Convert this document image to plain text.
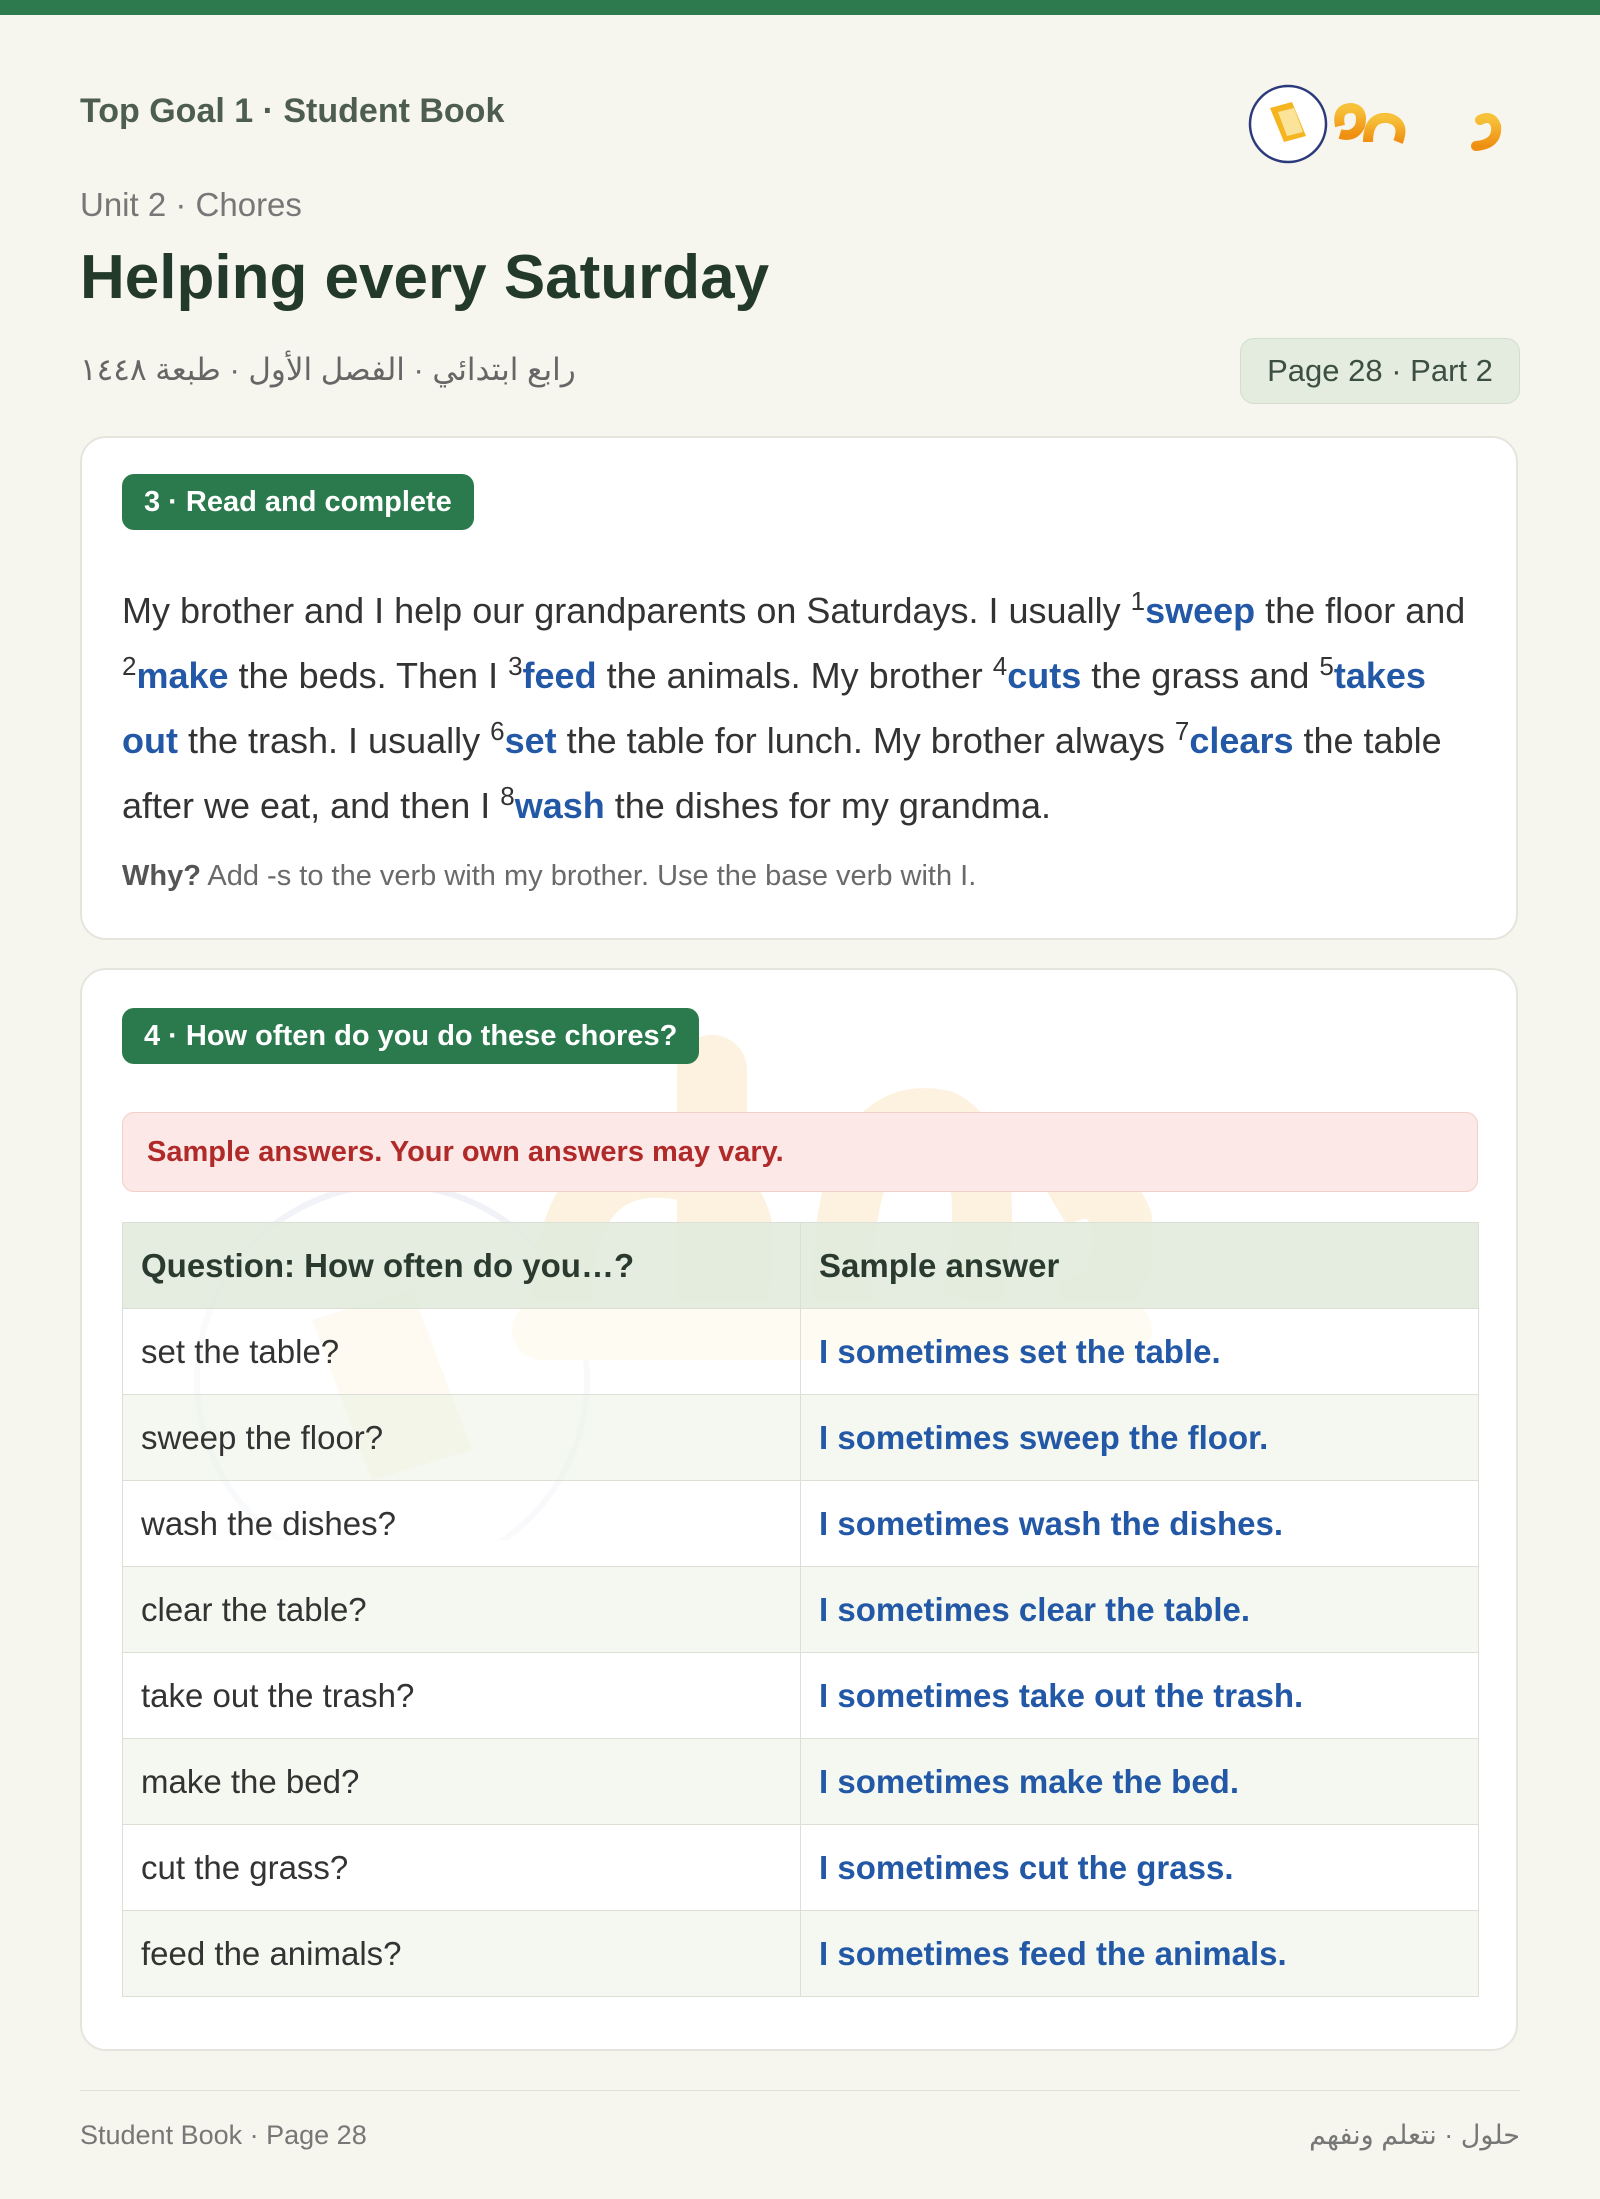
Top Goal 1 · Student Book
Unit 2 · Chores
Helping every Saturday
رابع ابتدائي · الفصل الأول · طبعة ١٤٤٨	Page 28 · Part 2
3 · Read and complete
My brother and I help our grandparents on Saturdays. I usually $^1$sweep the floor and $^2$make the beds. Then I $^3$feed the animals. My brother $^4$cuts the grass and $^5$takes out the trash. I usually $^6$set the table for lunch. My brother always $^7$clears the table after we eat, and then I $^8$wash the dishes for my grandma.
Why? Add -s to the verb with my brother. Use the base verb with I.
4 · How often do you do these chores?
Sample answers. Your own answers may vary.
Question: How often do you…?	Sample answer
set the table?	I sometimes set the table.
sweep the floor?	I sometimes sweep the floor.
wash the dishes?	I sometimes wash the dishes.
clear the table?	I sometimes clear the table.
take out the trash?	I sometimes take out the trash.
make the bed?	I sometimes make the bed.
cut the grass?	I sometimes cut the grass.
feed the animals?	I sometimes feed the animals.
Student Book · Page 28	حلول · نتعلم ونفهم
